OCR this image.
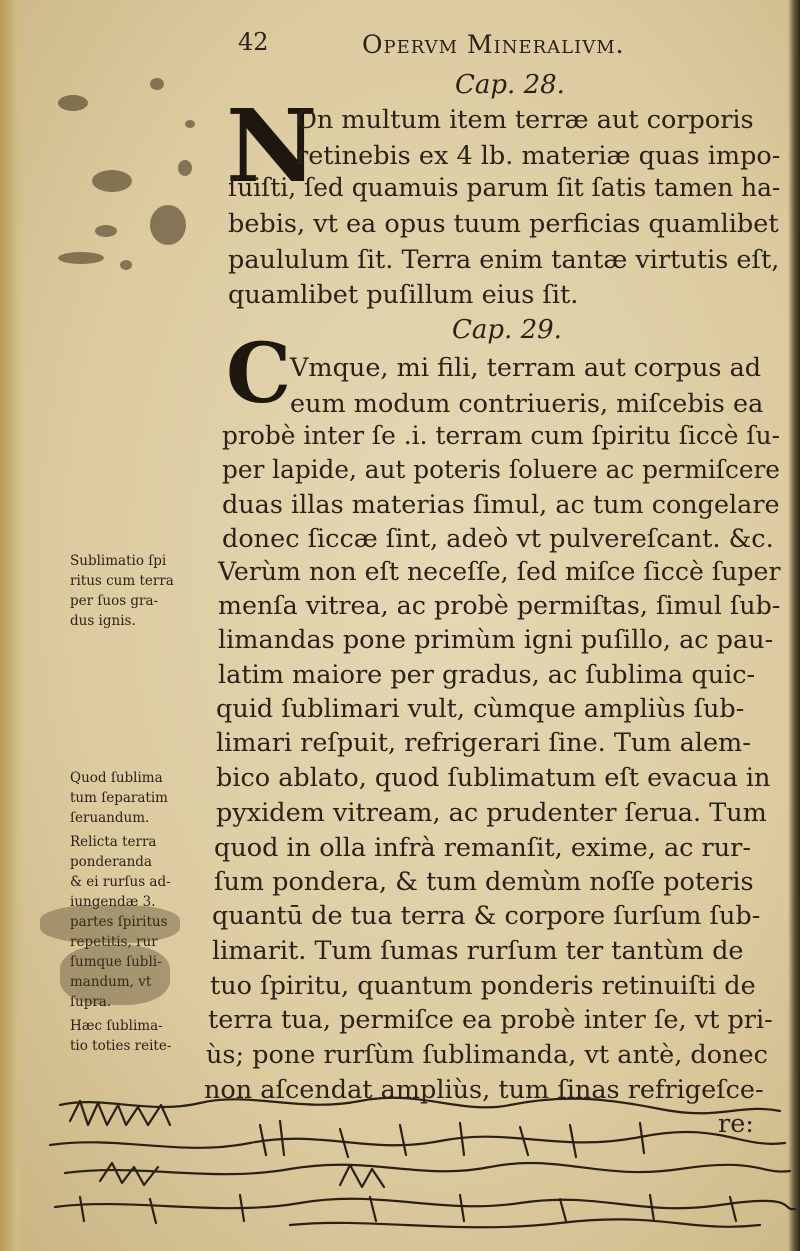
42	Opervm Mineralivm.
Cap. 28.
N
On multum item terræ aut corporis
retinebis ex 4 lb. materiæ quas impo-
ſuiſti, ſed quamuis parum ſit ſatis tamen ha-
bebis, vt ea opus tuum perficias quamlibet
paululum ſit. Terra enim tantæ virtutis eſt,
quamlibet puſillum eius ſit.
Cap. 29.
C
Vmque, mi fili, terram aut corpus ad
eum modum contriueris, miſcebis ea
probè inter ſe .i. terram cum ſpiritu ſiccè ſu-
per lapide, aut poteris ſoluere ac permiſcere
duas illas materias ſimul, ac tum congelare
donec ſiccæ ſint, adeò vt pulvereſcant. &c.
Verùm non eſt neceſſe, ſed miſce ſiccè ſuper
menſa vitrea, ac probè permiſtas, ſimul ſub-
limandas pone primùm igni puſillo, ac pau-
latim maiore per gradus, ac ſublima quic-
quid ſublimari vult, cùmque ampliùs ſub-
limari reſpuit, refrigerari ſine. Tum alem-
bico ablato, quod ſublimatum eſt evacua in
pyxidem vitream, ac prudenter ſerua. Tum
quod in olla infrà remanſit, exime, ac rur-
ſum pondera, & tum demùm noſſe poteris
quantū de tua terra & corpore ſurſum ſub-
limarit. Tum ſumas rurſum ter tantùm de
tuo ſpiritu, quantum ponderis retinuiſti de
terra tua, permiſce ea probè inter ſe, vt pri-
ùs; pone rurſùm ſublimanda, vt antè, donec
non aſcendat ampliùs, tum ſinas refrigeſce-
re:
Sublimatio ſpi
ritus cum terra
per ſuos gra-
dus ignis.
Quod ſublima
tum ſeparatim
ſeruandum.
Relicta terra
ponderanda
& ei rurſus ad-
iungendæ 3.
partes ſpiritus
repetitis, rur
ſumque ſubli-
mandum, vt
ſupra.
Hæc ſublima-
tio toties reite-
